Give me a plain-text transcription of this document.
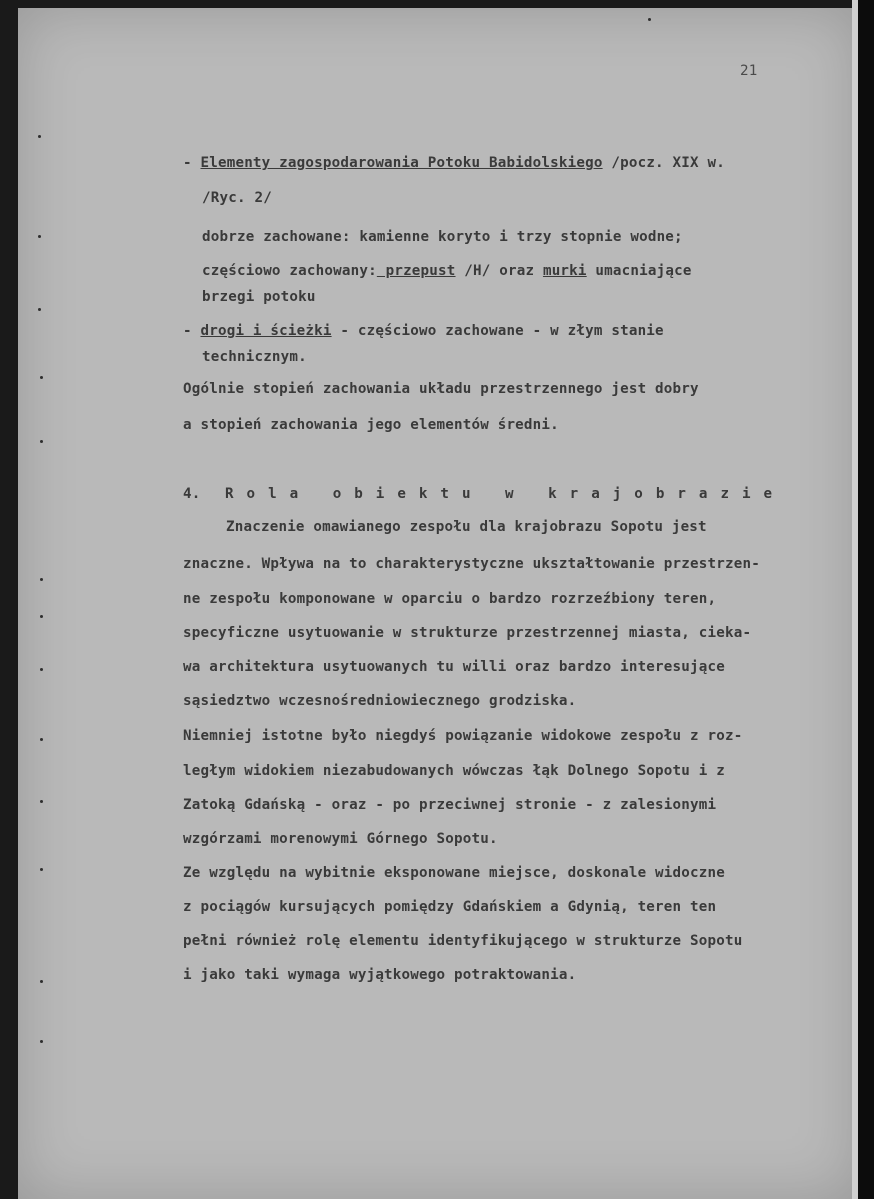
21
- Elementy zagospodarowania Potoku Babidolskiego /pocz. XIX w.
/Ryc. 2/
dobrze zachowane: kamienne koryto i trzy stopnie wodne;
częściowo zachowany: przepust /H/ oraz murki umacniające
brzegi potoku
- drogi i ścieżki - częściowo zachowane - w złym stanie
technicznym.
Ogólnie stopień zachowania układu przestrzennego jest dobry
a stopień zachowania jego elementów średni.
4. Rola obiektu w krajobrazie
Znaczenie omawianego zespołu dla krajobrazu Sopotu jest
znaczne. Wpływa na to charakterystyczne ukształtowanie przestrzen-
ne zespołu komponowane w oparciu o bardzo rozrzeźbiony teren,
specyficzne usytuowanie w strukturze przestrzennej miasta, cieka-
wa architektura usytuowanych tu willi oraz bardzo interesujące
sąsiedztwo wczesnośredniowiecznego grodziska.
Niemniej istotne było niegdyś powiązanie widokowe zespołu z roz-
ległym widokiem niezabudowanych wówczas łąk Dolnego Sopotu i z
Zatoką Gdańską - oraz - po przeciwnej stronie - z zalesionymi
wzgórzami morenowymi Górnego Sopotu.
Ze względu na wybitnie eksponowane miejsce, doskonale widoczne
z pociągów kursujących pomiędzy Gdańskiem a Gdynią, teren ten
pełni również rolę elementu identyfikującego w strukturze Sopotu
i jako taki wymaga wyjątkowego potraktowania.
